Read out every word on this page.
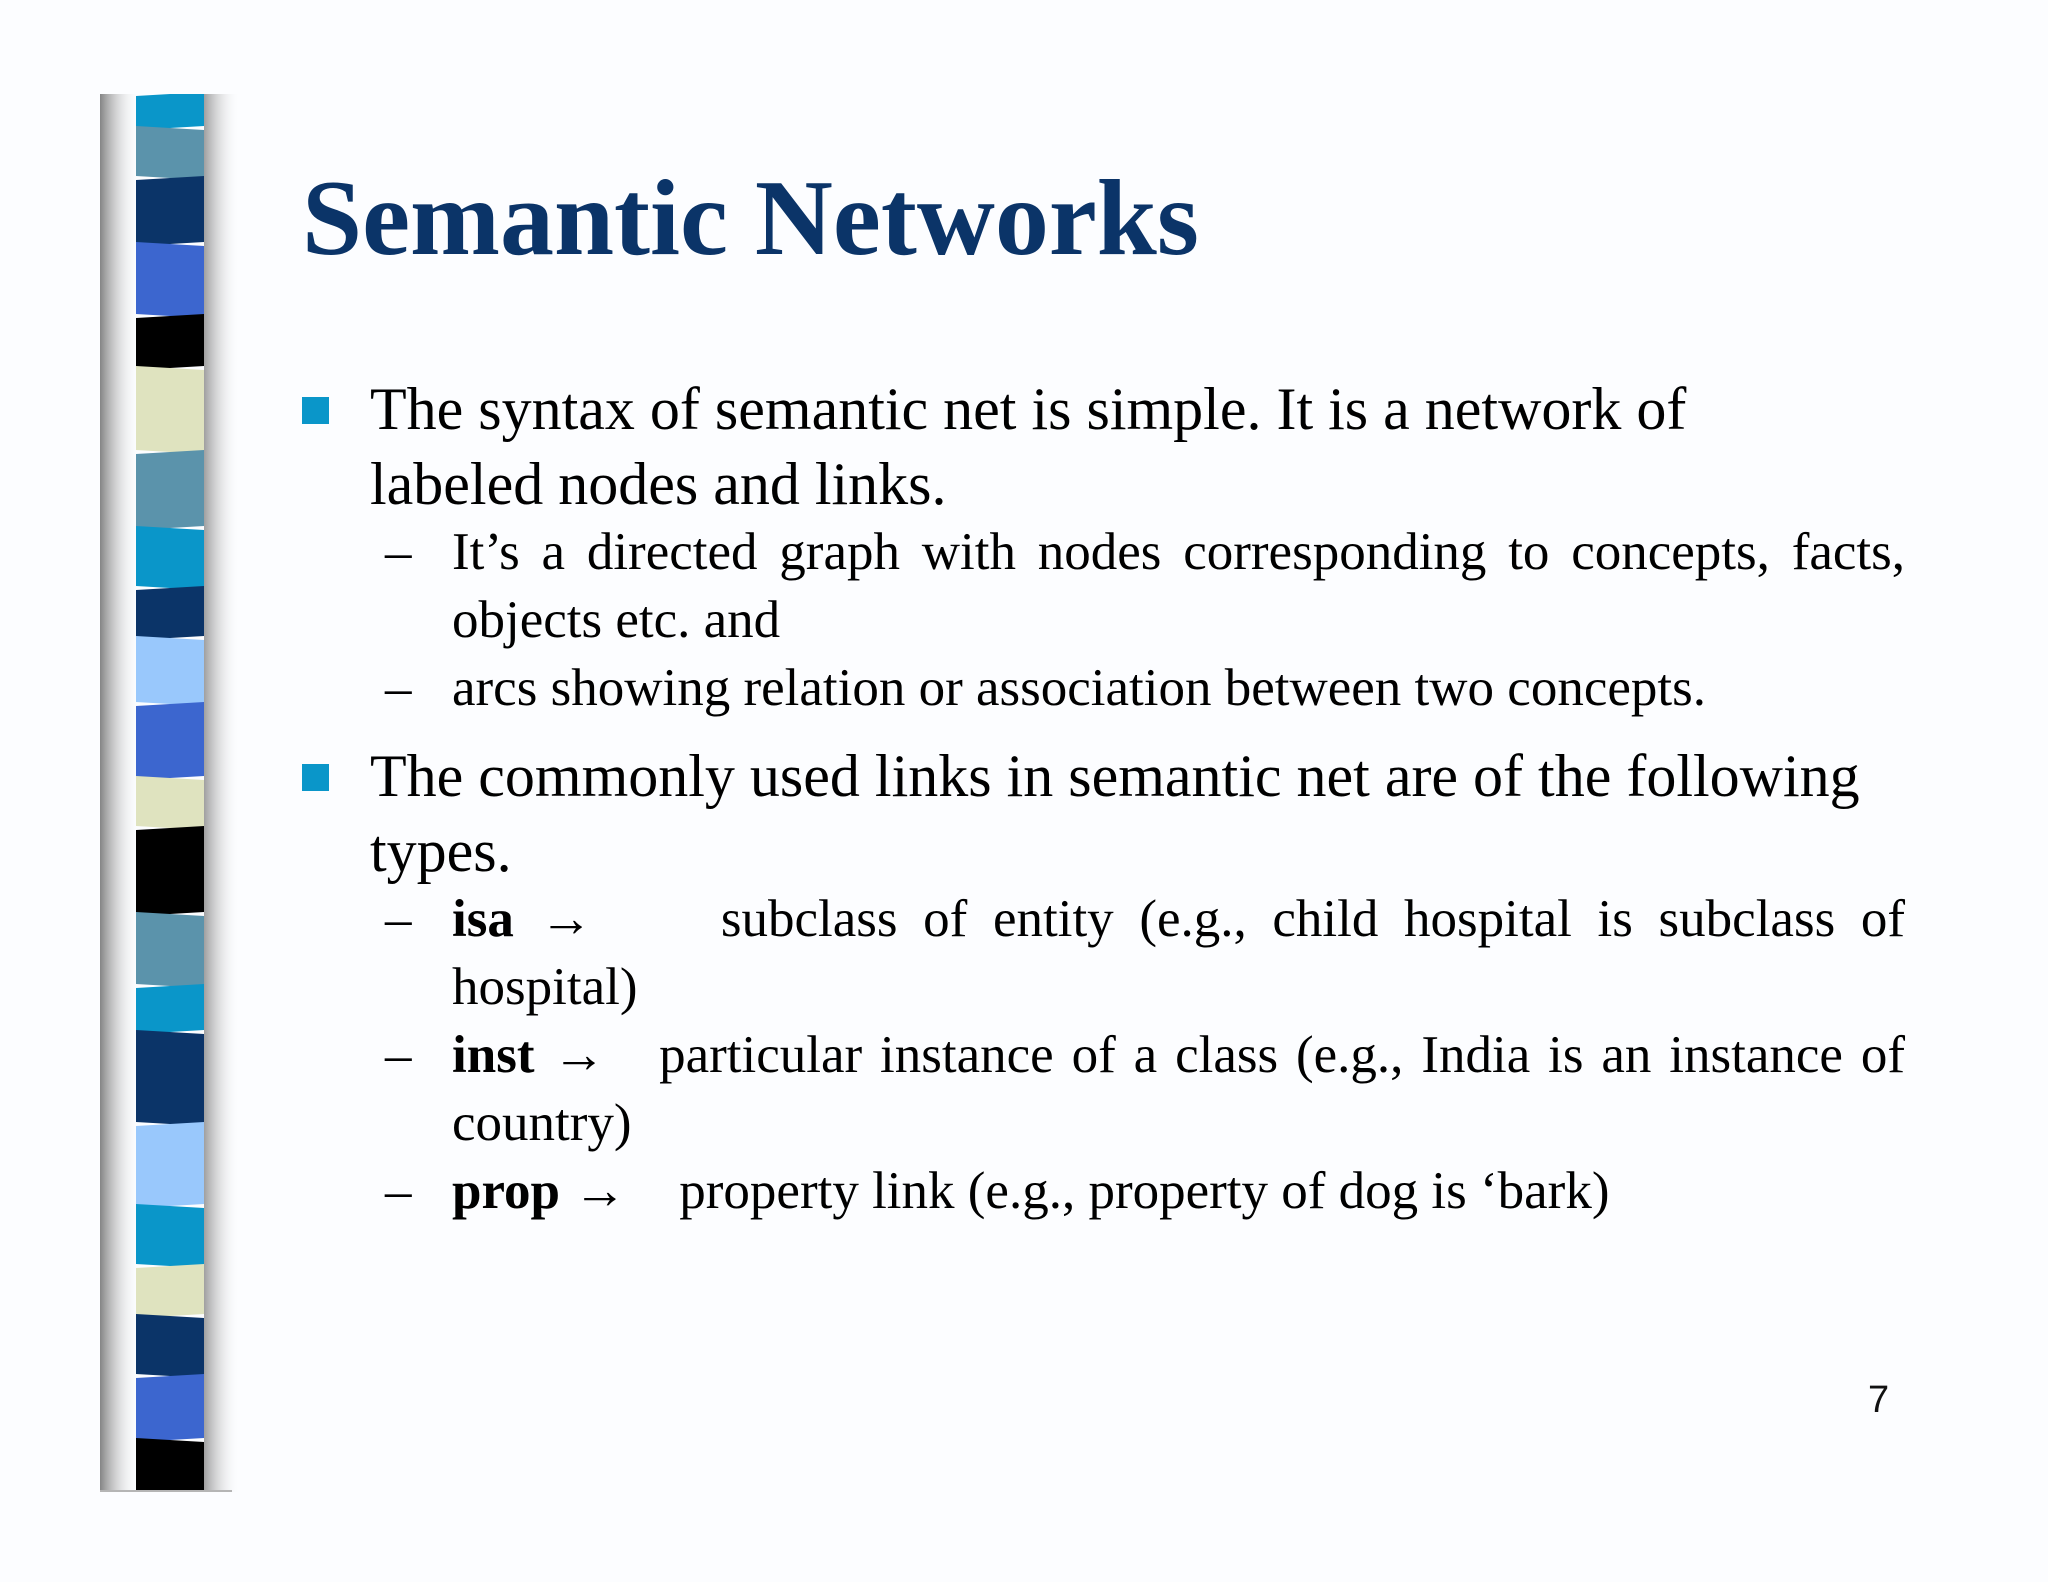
Semantic Networks
The syntax of semantic net is simple. It is a network of labeled nodes and links.
– It’s a directed graph with nodes corresponding to concepts, facts, objects etc. and
– arcs showing relation or association between two concepts.
The commonly used links in semantic net are of the following types.
– isa → subclass of entity (e.g., child hospital is subclass of hospital)
– inst → particular instance of a class (e.g., India is an instance of country)
– prop → property link (e.g., property of dog is ‘bark)
7
